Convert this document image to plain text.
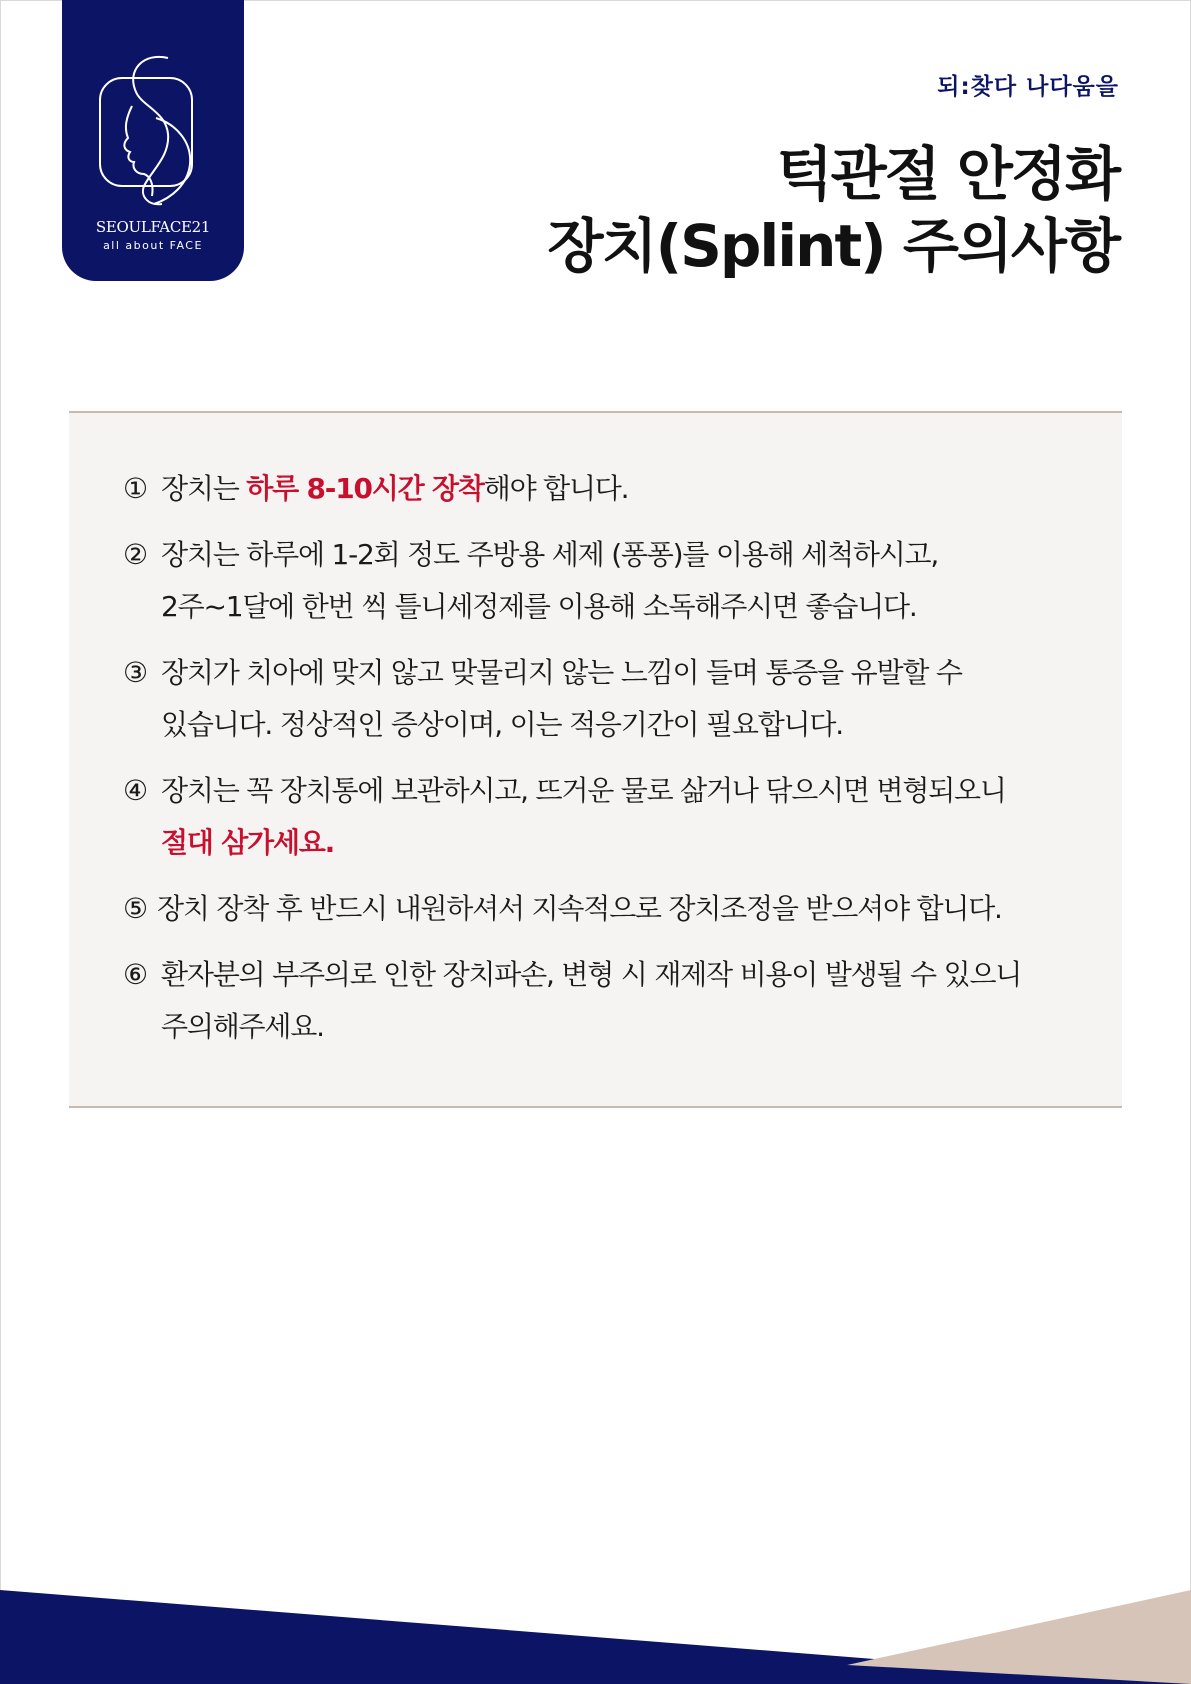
SEOULFACE21
all about FACE
되:찾다 나다움을
턱관절 안정화
장치(Splint) 주의사항
① 장치는 하루 8-10시간 장착해야 합니다.
② 장치는 하루에 1-2회 정도 주방용 세제 (퐁퐁)를 이용해 세척하시고,
2주~1달에 한번 씩 틀니세정제를 이용해 소독해주시면 좋습니다.
③ 장치가 치아에 맞지 않고 맞물리지 않는 느낌이 들며 통증을 유발할 수
있습니다. 정상적인 증상이며, 이는 적응기간이 필요합니다.
④ 장치는 꼭 장치통에 보관하시고, 뜨거운 물로 삶거나 닦으시면 변형되오니
절대 삼가세요.
⑤ 장치 장착 후 반드시 내원하셔서 지속적으로 장치조정을 받으셔야 합니다.
⑥ 환자분의 부주의로 인한 장치파손, 변형 시 재제작 비용이 발생될 수 있으니
주의해주세요.
